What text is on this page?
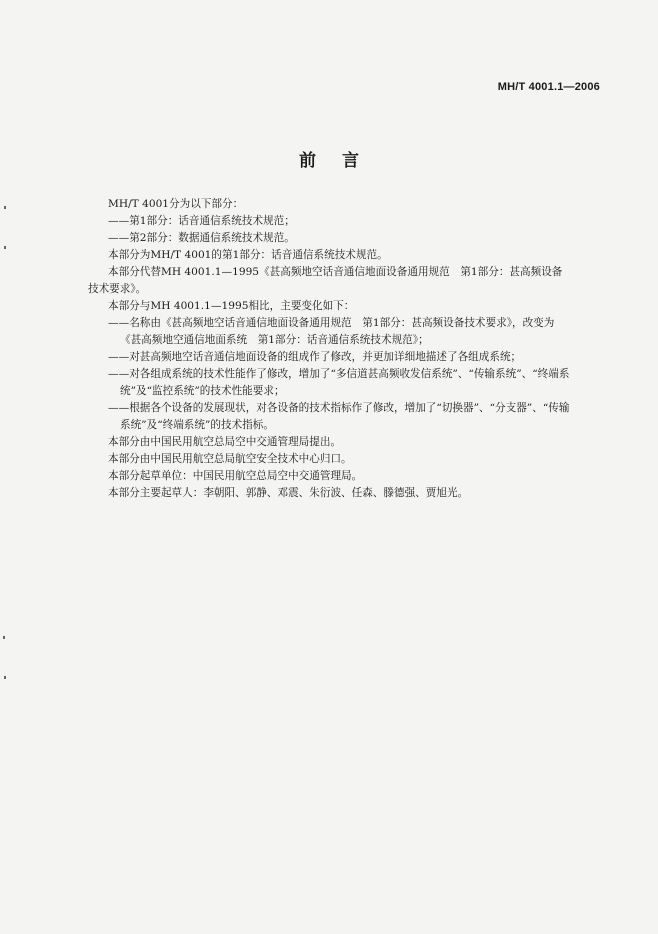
MH/T 4001.1—2006
前言
MH/T 4001分为以下部分：
——第1部分：话音通信系统技术规范；
——第2部分：数据通信系统技术规范。
本部分为MH/T 4001的第1部分：话音通信系统技术规范。
本部分代替MH 4001.1—1995《甚高频地空话音通信地面设备通用规范　第1部分：甚高频设备
技术要求》。
本部分与MH 4001.1—1995相比，主要变化如下：
——名称由《甚高频地空话音通信地面设备通用规范　第1部分：甚高频设备技术要求》，改变为
《甚高频地空通信地面系统　第1部分：话音通信系统技术规范》；
——对甚高频地空话音通信地面设备的组成作了修改，并更加详细地描述了各组成系统；
——对各组成系统的技术性能作了修改，增加了“多信道甚高频收发信系统”、“传输系统”、“终端系
统”及“监控系统”的技术性能要求；
——根据各个设备的发展现状，对各设备的技术指标作了修改，增加了“切换器”、“分支器”、“传输
系统”及“终端系统”的技术指标。
本部分由中国民用航空总局空中交通管理局提出。
本部分由中国民用航空总局航空安全技术中心归口。
本部分起草单位：中国民用航空总局空中交通管理局。
本部分主要起草人：李朝阳、郭静、邓震、朱衍波、任森、滕德强、贾旭光。
